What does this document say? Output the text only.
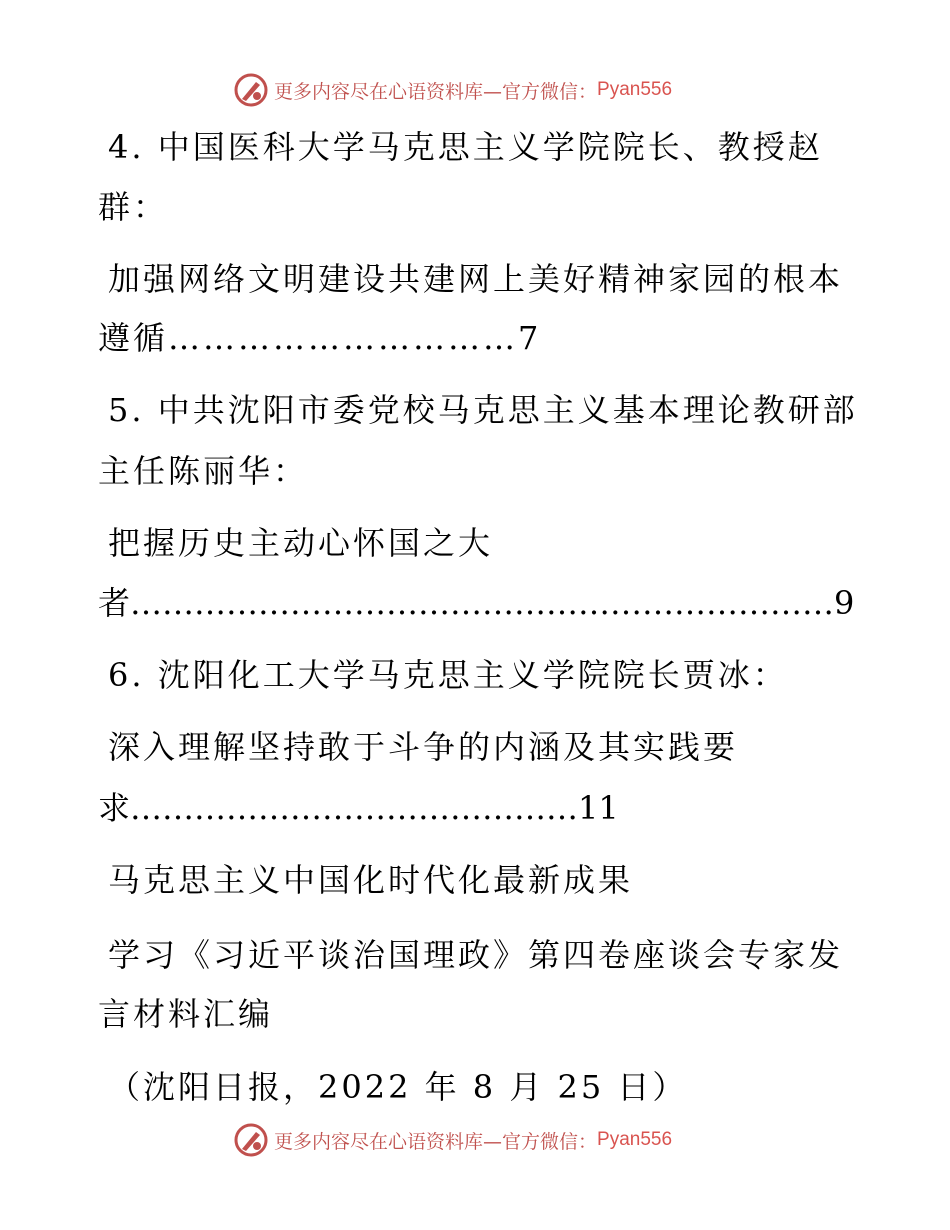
更多内容尽在心语资料库—官方微信： Pyan556
4. 中国医科大学马克思主义学院院长、教授赵
群：
加强网络文明建设共建网上美好精神家园的根本
遵循…………………………7
5. 中共沈阳市委党校马克思主义基本理论教研部
主任陈丽华：
把握历史主动心怀国之大
者…………………………………………………………9
6. 沈阳化工大学马克思主义学院院长贾冰：
深入理解坚持敢于斗争的内涵及其实践要
求……………………………………11
马克思主义中国化时代化最新成果
学习《习近平谈治国理政》第四卷座谈会专家发
言材料汇编
（沈阳日报，2022 年 8 月 25 日）
更多内容尽在心语资料库—官方微信： Pyan556
